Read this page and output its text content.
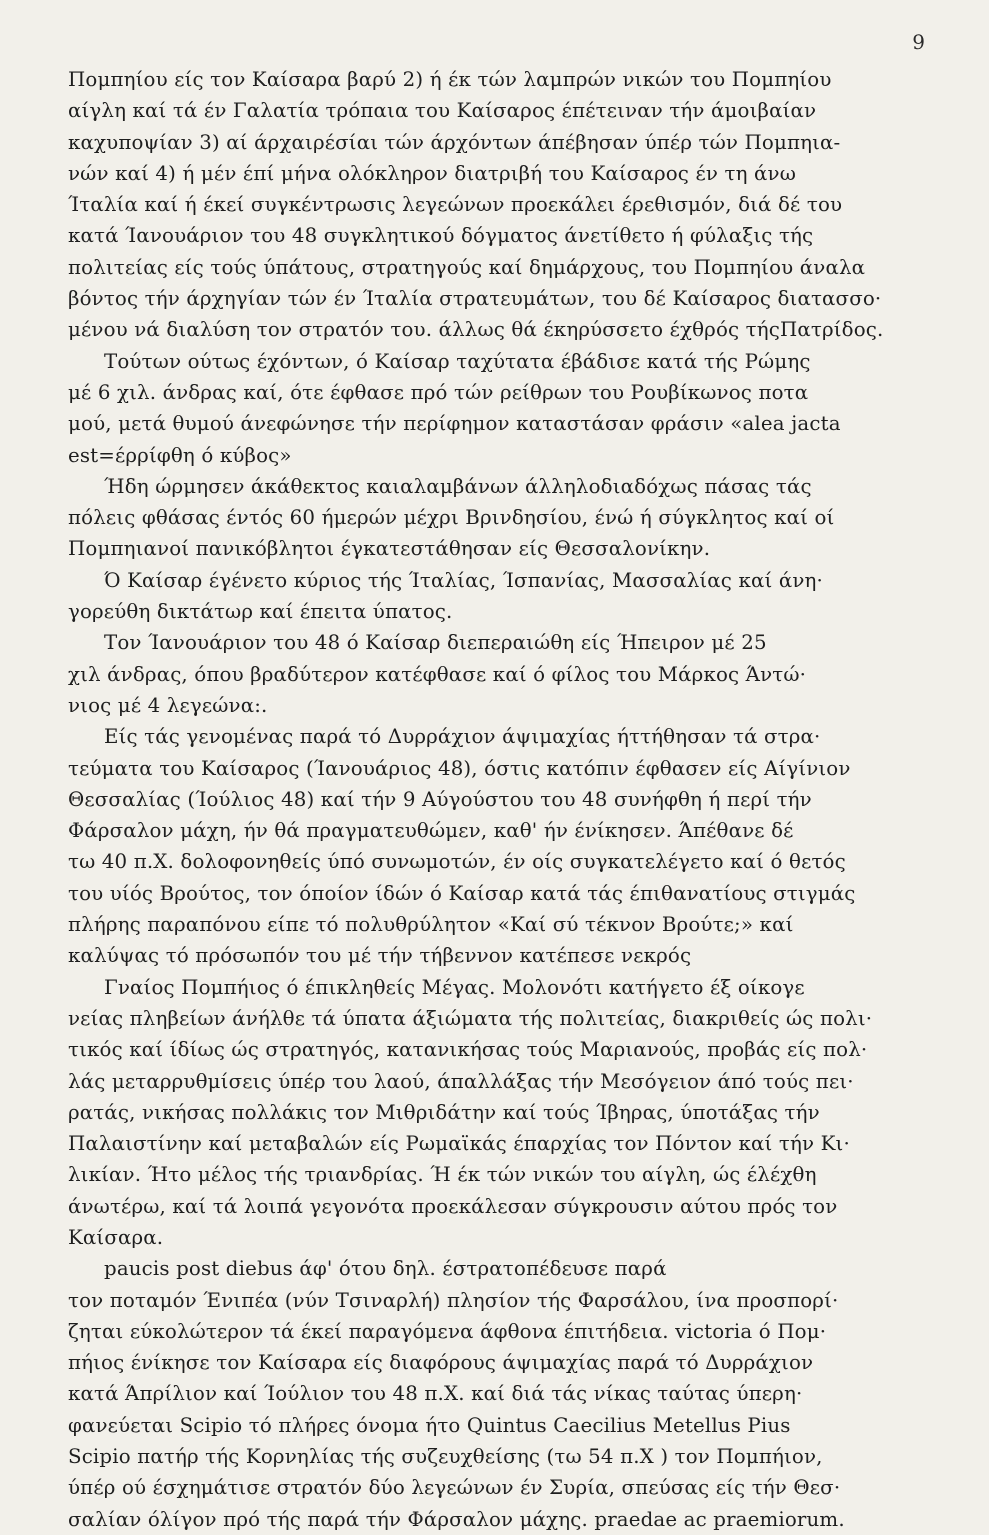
9
Πομπηίου είς τον Καίσαρα βαρύ 2) ή έκ τών λαμπρών νικών του Πομπηίου
αίγλη καί τά έν Γαλατία τρόπαια του Καίσαρος έπέτειναν τήν άμοιβαίαν
καχυποψίαν 3) αί άρχαιρέσίαι τών άρχόντων άπέβησαν ύπέρ τών Πομπηια-
νών καί 4) ή μέν έπί μήνα ολόκληρον διατριβή του Καίσαρος έν τη άνω
Ίταλία καί ή έκεί συγκέντρωσις λεγεώνων προεκάλει έρεθισμόν, διά δέ του
κατά Ίανουάριον του 48 συγκλητικού δόγματος άνετίθετο ή φύλαξις τής
πολιτείας είς τούς ύπάτους, στρατηγούς καί δημάρχους, του Πομπηίου άναλα
βόντος τήν άρχηγίαν τών έν Ίταλία στρατευμάτων, του δέ Καίσαρος διατασσο·
μένου νά διαλύση τον στρατόν του. άλλως θά έκηρύσσετο έχθρός τήςΠατρίδος.
Τούτων ούτως έχόντων, ό Καίσαρ ταχύτατα έβάδισε κατά τής Ρώμης
μέ 6 χιλ. άνδρας καί, ότε έφθασε πρό τών ρείθρων του Ρουβίκωνος ποτα
μού, μετά θυμού άνεφώνησε τήν περίφημον καταστάσαν φράσιν «alea jacta
est=έρρίφθη ό κύβος»
Ήδη ώρμησεν άκάθεκτος καιαλαμβάνων άλληλοδιαδόχως πάσας τάς
πόλεις φθάσας έντός 60 ήμερών μέχρι Βρινδησίου, ένώ ή σύγκλητος καί οί
Πομπηιανοί πανικόβλητοι έγκατεστάθησαν είς Θεσσαλονίκην.
Ό Καίσαρ έγένετο κύριος τής Ίταλίας, Ίσπανίας, Μασσαλίας καί άνη·
γορεύθη δικτάτωρ καί έπειτα ύπατος.
Τον Ίανουάριον του 48 ό Καίσαρ διεπεραιώθη είς Ήπειρον μέ 25
χιλ άνδρας, όπου βραδύτερον κατέφθασε καί ό φίλος του Μάρκος Άντώ·
νιος μέ 4 λεγεώνα:.
Είς τάς γενομένας παρά τό Δυρράχιον άψιμαχίας ήττήθησαν τά στρα·
τεύματα του Καίσαρος (Ίανουάριος 48), όστις κατόπιν έφθασεν είς Αίγίνιον
Θεσσαλίας (Ίούλιος 48) καί τήν 9 Αύγούστου του 48 συνήφθη ή περί τήν
Φάρσαλον μάχη, ήν θά πραγματευθώμεν, καθ' ήν ένίκησεν. Άπέθανε δέ
τω 40 π.Χ. δολοφονηθείς ύπό συνωμοτών, έν οίς συγκατελέγετο καί ό θετός
του υίός Βρούτος, τον όποίον ίδών ό Καίσαρ κατά τάς έπιθανατίους στιγμάς
πλήρης παραπόνου είπε τό πολυθρύλητον «Καί σύ τέκνον Βρούτε;» καί
καλύψας τό πρόσωπόν του μέ τήν τήβεννον κατέπεσε νεκρός
Γναίος Πομπήιος ό έπικληθείς Μέγας. Μολονότι κατήγετο έξ οίκογε
νείας πληβείων άνήλθε τά ύπατα άξιώματα τής πολιτείας, διακριθείς ώς πολι·
τικός καί ίδίως ώς στρατηγός, κατανικήσας τούς Μαριανούς, προβάς είς πολ·
λάς μεταρρυθμίσεις ύπέρ του λαού, άπαλλάξας τήν Μεσόγειον άπό τούς πει·
ρατάς, νικήσας πολλάκις τον Μιθριδάτην καί τούς Ίβηρας, ύποτάξας τήν
Παλαιστίνην καί μεταβαλών είς Ρωμαϊκάς έπαρχίας τον Πόντον καί τήν Κι·
λικίαν. Ήτο μέλος τής τριανδρίας. Ή έκ τών νικών του αίγλη, ώς έλέχθη
άνωτέρω, καί τά λοιπά γεγονότα προεκάλεσαν σύγκρουσιν αύτου πρός τον
Καίσαρα.
paucis post diebus άφ' ότου δηλ. έστρατοπέδευσε παρά
τον ποταμόν Ένιπέα (νύν Τσιναρλή) πλησίον τής Φαρσάλου, ίνα προσπορί·
ζηται εύκολώτερον τά έκεί παραγόμενα άφθονα έπιτήδεια. victoria ό Πομ·
πήιος ένίκησε τον Καίσαρα είς διαφόρους άψιμαχίας παρά τό Δυρράχιον
κατά Άπρίλιον καί Ίούλιον του 48 π.Χ. καί διά τάς νίκας ταύτας ύπερη·
φανεύεται Scipio τό πλήρες όνομα ήτο Quintus Caecilius Metellus Pius
Scipio πατήρ τής Κορνηλίας τής συζευχθείσης (τω 54 π.Χ ) τον Πομπήιον,
ύπέρ ού έσχημάτισε στρατόν δύο λεγεώνων έν Συρία, σπεύσας είς τήν Θεσ·
σαλίαν όλίγον πρό τής παρά τήν Φάρσαλον μάχης. praedae ac praemiorum.
